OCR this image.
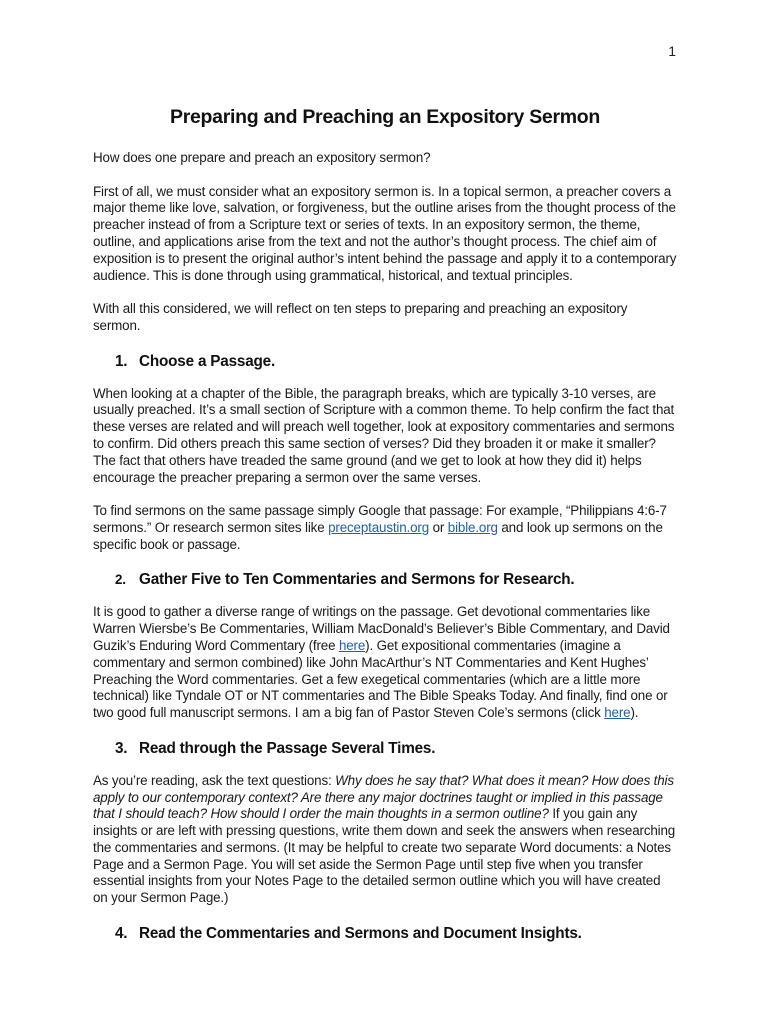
1
Preparing and Preaching an Expository Sermon

How does one prepare and preach an expository sermon?

First of all, we must consider what an expository sermon is. In a topical sermon, a preacher covers a major theme like love, salvation, or forgiveness, but the outline arises from the thought process of the preacher instead of from a Scripture text or series of texts. In an expository sermon, the theme, outline, and applications arise from the text and not the author’s thought process. The chief aim of exposition is to present the original author’s intent behind the passage and apply it to a contemporary audience. This is done through using grammatical, historical, and textual principles.

With all this considered, we will reflect on ten steps to preparing and preaching an expository sermon.

1. Choose a Passage.

When looking at a chapter of the Bible, the paragraph breaks, which are typically 3-10 verses, are usually preached. It’s a small section of Scripture with a common theme. To help confirm the fact that these verses are related and will preach well together, look at expository commentaries and sermons to confirm. Did others preach this same section of verses? Did they broaden it or make it smaller? The fact that others have treaded the same ground (and we get to look at how they did it) helps encourage the preacher preparing a sermon over the same verses.

To find sermons on the same passage simply Google that passage: For example, “Philippians 4:6-7 sermons.” Or research sermon sites like preceptaustin.org or bible.org and look up sermons on the specific book or passage.

2. Gather Five to Ten Commentaries and Sermons for Research.

It is good to gather a diverse range of writings on the passage. Get devotional commentaries like Warren Wiersbe’s Be Commentaries, William MacDonald’s Believer’s Bible Commentary, and David Guzik’s Enduring Word Commentary (free here). Get expositional commentaries (imagine a commentary and sermon combined) like John MacArthur’s NT Commentaries and Kent Hughes’ Preaching the Word commentaries. Get a few exegetical commentaries (which are a little more technical) like Tyndale OT or NT commentaries and The Bible Speaks Today. And finally, find one or two good full manuscript sermons. I am a big fan of Pastor Steven Cole’s sermons (click here).

3. Read through the Passage Several Times.

As you’re reading, ask the text questions: Why does he say that? What does it mean? How does this apply to our contemporary context? Are there any major doctrines taught or implied in this passage that I should teach? How should I order the main thoughts in a sermon outline? If you gain any insights or are left with pressing questions, write them down and seek the answers when researching the commentaries and sermons. (It may be helpful to create two separate Word documents: a Notes Page and a Sermon Page. You will set aside the Sermon Page until step five when you transfer essential insights from your Notes Page to the detailed sermon outline which you will have created on your Sermon Page.)

4. Read the Commentaries and Sermons and Document Insights.
